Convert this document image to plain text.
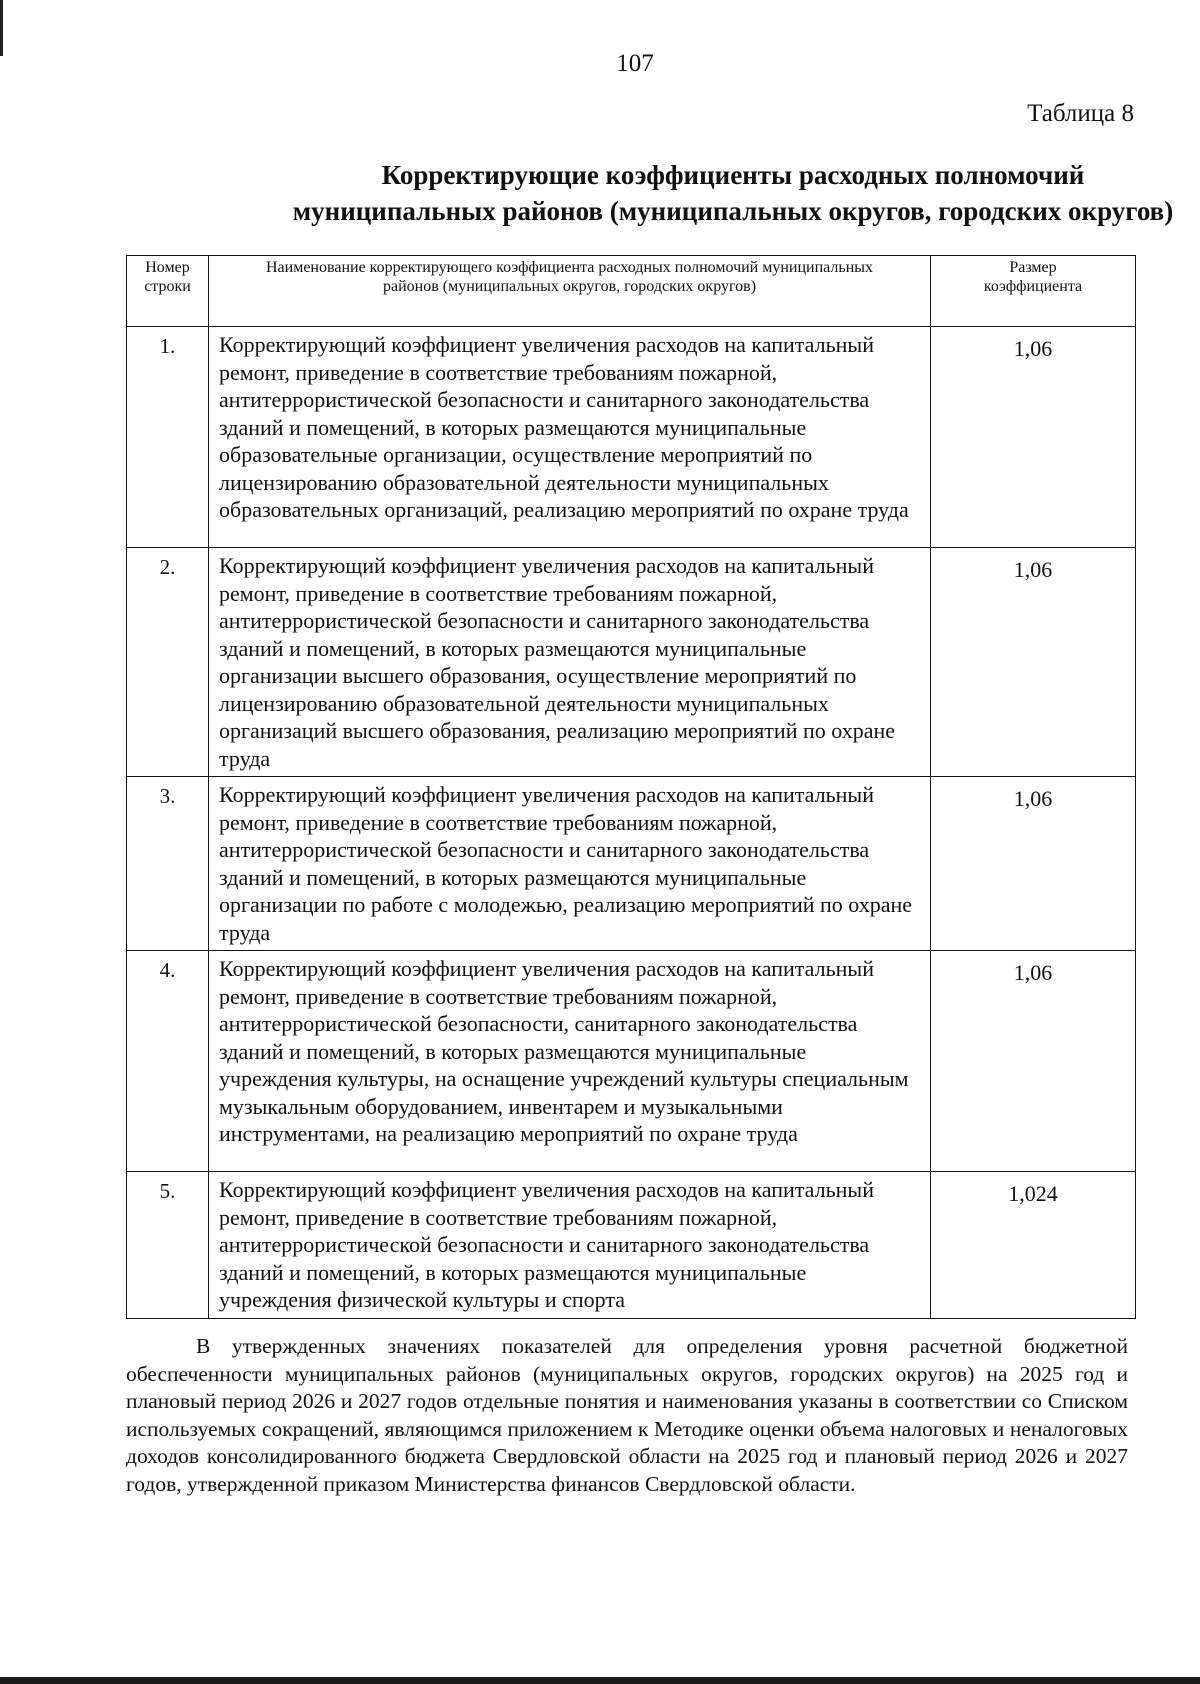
107
Таблица 8
Корректирующие коэффициенты расходных полномочий
муниципальных районов (муниципальных округов, городских округов)
Номер строки	Наименование корректирующего коэффициента расходных полномочий муниципальных районов (муниципальных округов, городских округов)	Размер коэффициента
1.	Корректирующий коэффициент увеличения расходов на капитальный ремонт, приведение в соответствие требованиям пожарной, антитеррористической безопасности и санитарного законодательства зданий и помещений, в которых размещаются муниципальные образовательные организации, осуществление мероприятий по лицензированию образовательной деятельности муниципальных образовательных организаций, реализацию мероприятий по охране труда	1,06
2.	Корректирующий коэффициент увеличения расходов на капитальный ремонт, приведение в соответствие требованиям пожарной, антитеррористической безопасности и санитарного законодательства зданий и помещений, в которых размещаются муниципальные организации высшего образования, осуществление мероприятий по лицензированию образовательной деятельности муниципальных организаций высшего образования, реализацию мероприятий по охране труда	1,06
3.	Корректирующий коэффициент увеличения расходов на капитальный ремонт, приведение в соответствие требованиям пожарной, антитеррористической безопасности и санитарного законодательства зданий и помещений, в которых размещаются муниципальные организации по работе с молодежью, реализацию мероприятий по охране труда	1,06
4.	Корректирующий коэффициент увеличения расходов на капитальный ремонт, приведение в соответствие требованиям пожарной, антитеррористической безопасности, санитарного законодательства зданий и помещений, в которых размещаются муниципальные учреждения культуры, на оснащение учреждений культуры специальным музыкальным оборудованием, инвентарем и музыкальными инструментами, на реализацию мероприятий по охране труда	1,06
5.	Корректирующий коэффициент увеличения расходов на капитальный ремонт, приведение в соответствие требованиям пожарной, антитеррористической безопасности и санитарного законодательства зданий и помещений, в которых размещаются муниципальные учреждения физической культуры и спорта	1,024

В утвержденных значениях показателей для определения уровня расчетной бюджетной обеспеченности муниципальных районов (муниципальных округов, городских округов) на 2025 год и плановый период 2026 и 2027 годов отдельные понятия и наименования указаны в соответствии со Списком используемых сокращений, являющимся приложением к Методике оценки объема налоговых и неналоговых доходов консолидированного бюджета Свердловской области на 2025 год и плановый период 2026 и 2027 годов, утвержденной приказом Министерства финансов Свердловской области.
